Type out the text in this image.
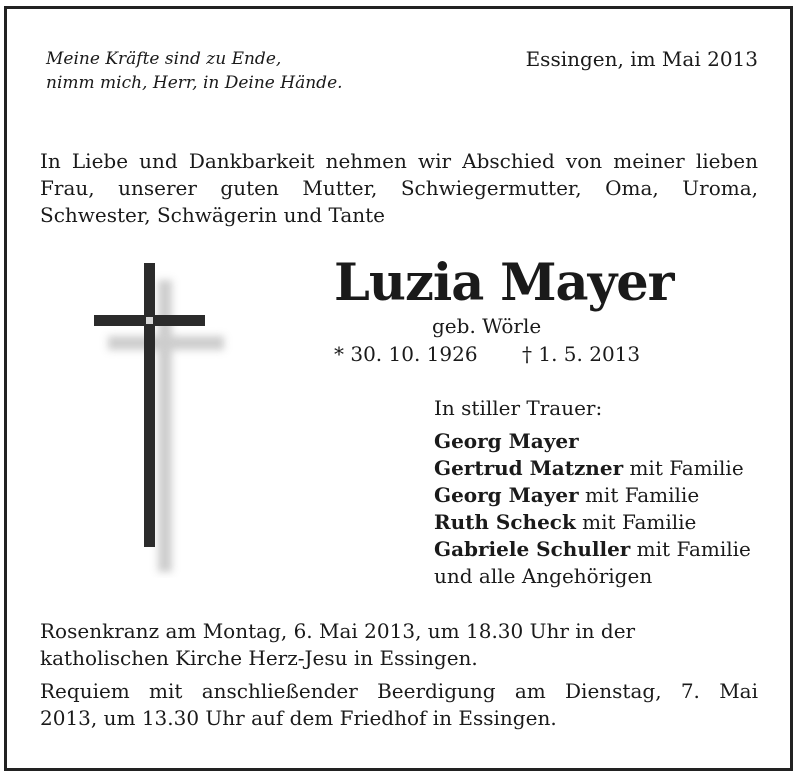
Meine Kräfte sind zu Ende,
nimm mich, Herr, in Deine Hände.
Essingen, im Mai 2013
In Liebe und Dankbarkeit nehmen wir Abschied von meiner lieben
Frau, unserer guten Mutter, Schwiegermutter, Oma, Uroma,
Schwester, Schwägerin und Tante
Luzia Mayer
geb. Wörle
* 30. 10. 1926 † 1. 5. 2013
In stiller Trauer:
Georg Mayer
Gertrud Matzner mit Familie
Georg Mayer mit Familie
Ruth Scheck mit Familie
Gabriele Schuller mit Familie
und alle Angehörigen
Rosenkranz am Montag, 6. Mai 2013, um 18.30 Uhr in der
katholischen Kirche Herz-Jesu in Essingen.
Requiem mit anschließender Beerdigung am Dienstag, 7. Mai
2013, um 13.30 Uhr auf dem Friedhof in Essingen.
